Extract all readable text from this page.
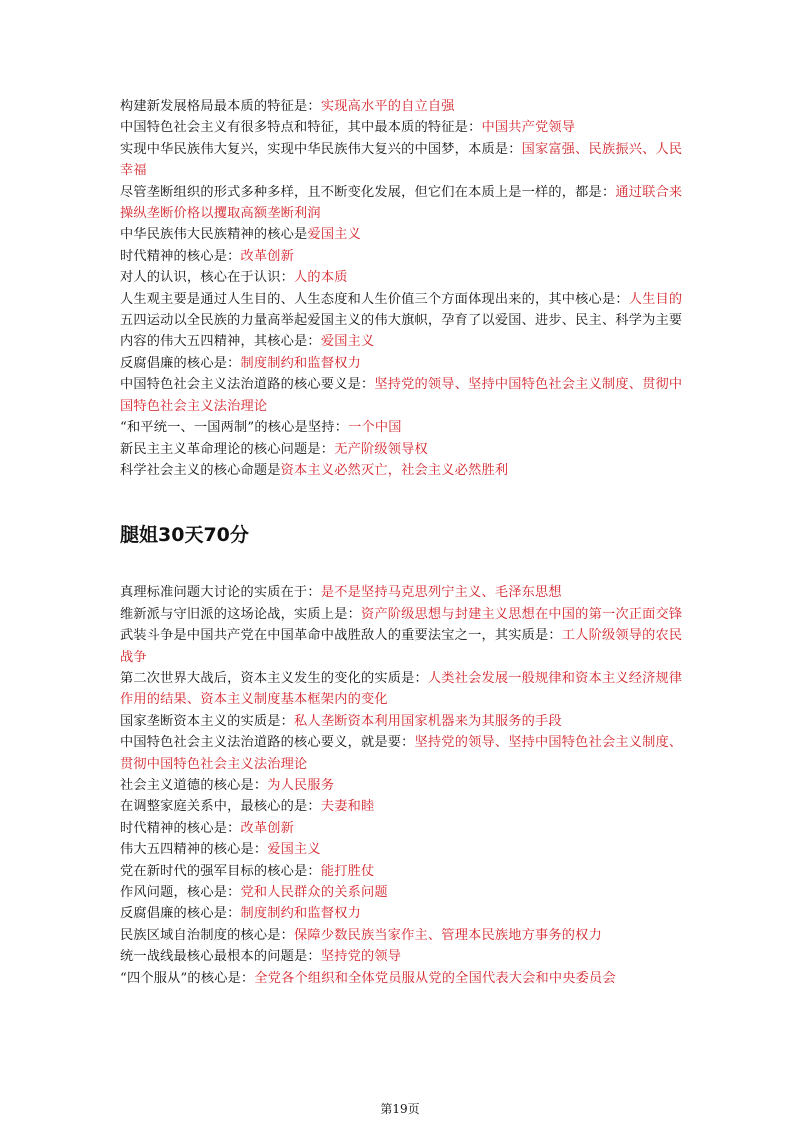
构建新发展格局最本质的特征是：实现高水平的自立自强

中国特色社会主义有很多特点和特征，其中最本质的特征是：中国共产党领导

实现中华民族伟大复兴，实现中华民族伟大复兴的中国梦，本质是：国家富强、民族振兴、人民幸福

尽管垄断组织的形式多种多样，且不断变化发展，但它们在本质上是一样的，都是：通过联合来操纵垄断价格以攫取高额垄断利润

中华民族伟大民族精神的核心是爱国主义

时代精神的核心是：改革创新

对人的认识，核心在于认识：人的本质

人生观主要是通过人生目的、人生态度和人生价值三个方面体现出来的，其中核心是：人生目的

五四运动以全民族的力量高举起爱国主义的伟大旗帜，孕育了以爱国、进步、民主、科学为主要内容的伟大五四精神，其核心是：爱国主义

反腐倡廉的核心是：制度制约和监督权力

中国特色社会主义法治道路的核心要义是：坚持党的领导、坚持中国特色社会主义制度、贯彻中国特色社会主义法治理论

“和平统一、一国两制”的核心是坚持：一个中国

新民主主义革命理论的核心问题是：无产阶级领导权

科学社会主义的核心命题是资本主义必然灭亡，社会主义必然胜利

腿姐30天70分

真理标准问题大讨论的实质在于：是不是坚持马克思列宁主义、毛泽东思想

维新派与守旧派的这场论战，实质上是：资产阶级思想与封建主义思想在中国的第一次正面交锋

武装斗争是中国共产党在中国革命中战胜敌人的重要法宝之一，其实质是：工人阶级领导的农民战争

第二次世界大战后，资本主义发生的变化的实质是：人类社会发展一般规律和资本主义经济规律作用的结果、资本主义制度基本框架内的变化

国家垄断资本主义的实质是：私人垄断资本利用国家机器来为其服务的手段

中国特色社会主义法治道路的核心要义，就是要：坚持党的领导、坚持中国特色社会主义制度、贯彻中国特色社会主义法治理论

社会主义道德的核心是：为人民服务

在调整家庭关系中，最核心的是：夫妻和睦

时代精神的核心是：改革创新

伟大五四精神的核心是：爱国主义

党在新时代的强军目标的核心是：能打胜仗

作风问题，核心是：党和人民群众的关系问题

反腐倡廉的核心是：制度制约和监督权力

民族区域自治制度的核心是：保障少数民族当家作主、管理本民族地方事务的权力

统一战线最核心最根本的问题是：坚持党的领导

“四个服从”的核心是：全党各个组织和全体党员服从党的全国代表大会和中央委员会

第19页
